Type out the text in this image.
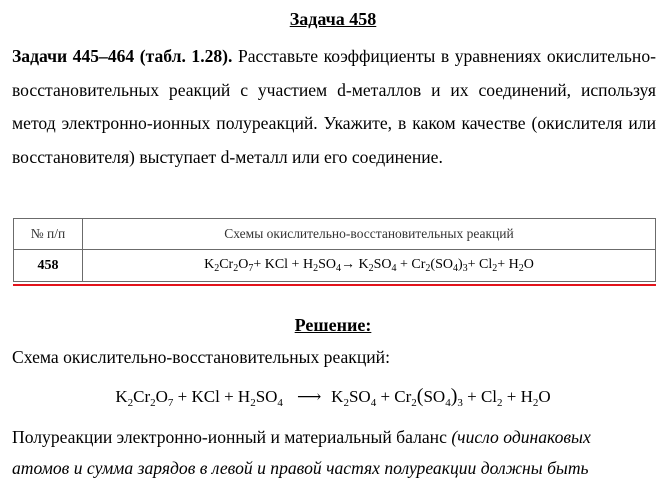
Задача 458
Задачи 445–464 (табл. 1.28). Расставьте коэффициенты в уравнениях окислительно-восстановительных реакций с участием d-металлов и их соединений, используя метод электронно-ионных полуреакций. Укажите, в каком качестве (окислителя или восстановителя) выступает d-металл или его соединение.
№ п/п	Схемы окислительно-восстановительных реакций
458	$K_2Cr_2O_7+$ KCl + $H_2SO_4\to K_2SO_4 + Cr_2(SO_4)_3+ Cl_2+ H_2O$
Решение:
Схема окислительно-восстановительных реакций:
$K_2Cr_2O_7$ + KCl + $H_2SO_4$ ⟶ $K_2SO_4 + Cr_2(SO_4)_3 + Cl_2 + H_2O$
Полуреакции электронно-ионный и материальный баланс (число одинаковых
атомов и сумма зарядов в левой и правой частях полуреакции должны быть
